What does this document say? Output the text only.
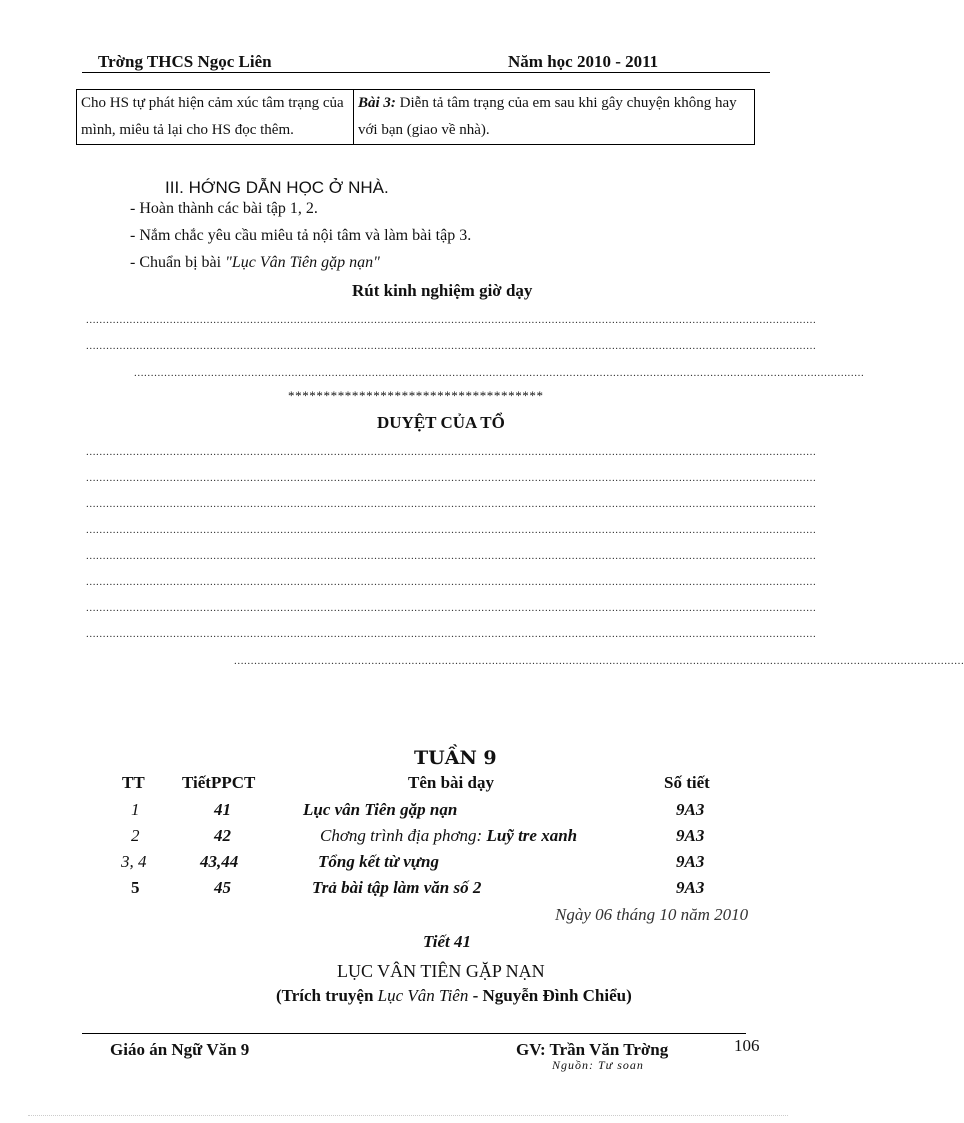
Trờng THCS Ngọc Liên	Năm học 2010 - 2011
Cho HS tự phát hiện cảm xúc tâm trạng của mình, miêu tả lại cho HS đọc thêm.	Bài 3: Diễn tả tâm trạng của em sau khi gây chuyện không hay với bạn (giao về nhà).
III. HỚNG DẪN HỌC Ở NHÀ.
- Hoàn thành các bài tập 1, 2.
- Nắm chắc yêu cầu miêu tả nội tâm và làm bài tập 3.
- Chuẩn bị bài "Lục Vân Tiên gặp nạn"
Rút kinh nghiệm giờ dạy
..........................................................................................................................................................................................................................
..........................................................................................................................................................................................................................
..........................................................................................................................................................................................................................
************************************
DUYỆT CỦA TỔ
..........................................................................................................................................................................................................................
..........................................................................................................................................................................................................................
..........................................................................................................................................................................................................................
..........................................................................................................................................................................................................................
..........................................................................................................................................................................................................................
..........................................................................................................................................................................................................................
..........................................................................................................................................................................................................................
..........................................................................................................................................................................................................................
..........................................................................................................................................................................................................................
TUẦN 9
TT TiếtPPCT	Tên bài dạy	Số tiết
1	41	Lục vân Tiên gặp nạn	9A3
2	42	Chơng trình địa phơng: Luỹ tre xanh	9A3
3, 4	43,44	Tổng kết từ vựng	9A3
5	45	Trả bài tập làm văn số 2	9A3
Ngày 06 tháng 10 năm 2010
Tiết 41
LỤC VÂN TIÊN GẶP NẠN
(Trích truyện Lục Vân Tiên - Nguyễn Đình Chiểu)
Giáo án Ngữ Văn 9	GV: Trần Văn Trờng	106
Nguồn: Tư soan
